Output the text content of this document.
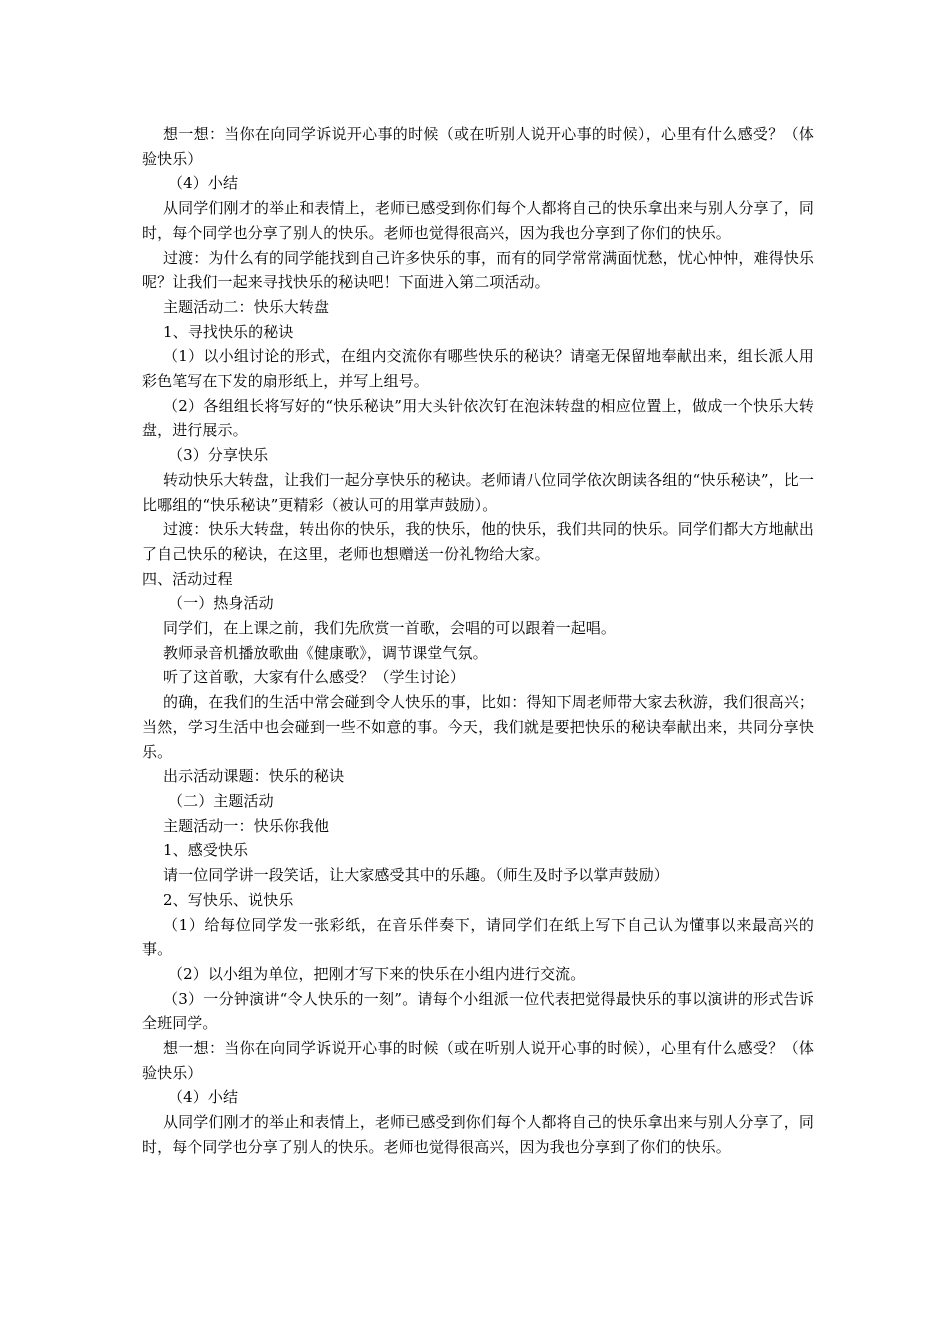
想一想：当你在向同学诉说开心事的时候（或在听别人说开心事的时候），心里有什么感受？（体验快乐）

（4）小结

从同学们刚才的举止和表情上，老师已感受到你们每个人都将自己的快乐拿出来与别人分享了，同时，每个同学也分享了别人的快乐。老师也觉得很高兴，因为我也分享到了你们的快乐。

过渡：为什么有的同学能找到自己许多快乐的事，而有的同学常常满面忧愁，忧心忡忡，难得快乐呢？让我们一起来寻找快乐的秘诀吧！下面进入第二项活动。

主题活动二：快乐大转盘

1、寻找快乐的秘诀

（1）以小组讨论的形式，在组内交流你有哪些快乐的秘诀？请毫无保留地奉献出来，组长派人用彩色笔写在下发的扇形纸上，并写上组号。

（2）各组组长将写好的“快乐秘诀”用大头针依次钉在泡沫转盘的相应位置上，做成一个快乐大转盘，进行展示。

（3）分享快乐

转动快乐大转盘，让我们一起分享快乐的秘诀。老师请八位同学依次朗读各组的“快乐秘诀”，比一比哪组的“快乐秘诀”更精彩（被认可的用掌声鼓励）。

过渡：快乐大转盘，转出你的快乐，我的快乐，他的快乐，我们共同的快乐。同学们都大方地献出了自己快乐的秘诀，在这里，老师也想赠送一份礼物给大家。

四、活动过程

（一）热身活动

同学们，在上课之前，我们先欣赏一首歌，会唱的可以跟着一起唱。

教师录音机播放歌曲《健康歌》，调节课堂气氛。

听了这首歌，大家有什么感受？（学生讨论）

的确，在我们的生活中常会碰到令人快乐的事，比如：得知下周老师带大家去秋游，我们很高兴；当然，学习生活中也会碰到一些不如意的事。今天，我们就是要把快乐的秘诀奉献出来，共同分享快乐。

出示活动课题：快乐的秘诀

（二）主题活动

主题活动一：快乐你我他

1、感受快乐

请一位同学讲一段笑话，让大家感受其中的乐趣。（师生及时予以掌声鼓励）

2、写快乐、说快乐

（1）给每位同学发一张彩纸，在音乐伴奏下，请同学们在纸上写下自己认为懂事以来最高兴的事。

（2）以小组为单位，把刚才写下来的快乐在小组内进行交流。

（3）一分钟演讲“令人快乐的一刻”。请每个小组派一位代表把觉得最快乐的事以演讲的形式告诉全班同学。

想一想：当你在向同学诉说开心事的时候（或在听别人说开心事的时候），心里有什么感受？（体验快乐）

（4）小结

从同学们刚才的举止和表情上，老师已感受到你们每个人都将自己的快乐拿出来与别人分享了，同时，每个同学也分享了别人的快乐。老师也觉得很高兴，因为我也分享到了你们的快乐。
